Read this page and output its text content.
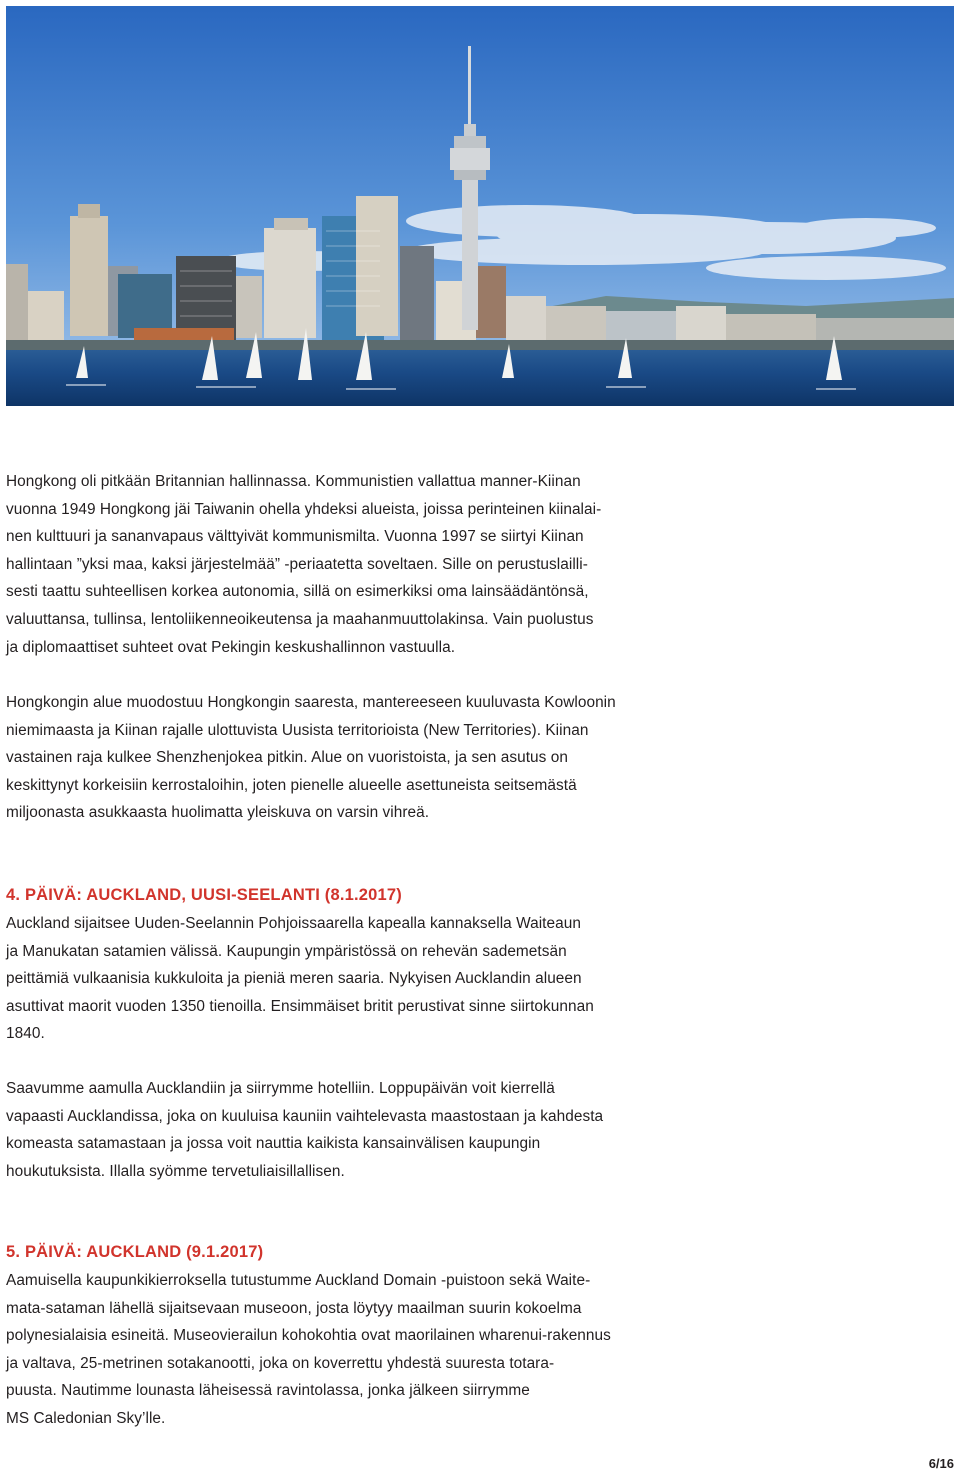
Hongkong oli pitkään Britannian hallinnassa. Kommunistien vallattua manner-Kiinan
vuonna 1949 Hongkong jäi Taiwanin ohella yhdeksi alueista, joissa perinteinen kiinalai-
nen kulttuuri ja sananvapaus välttyivät kommunismilta. Vuonna 1997 se siirtyi Kiinan
hallintaan ”yksi maa, kaksi järjestelmää” -periaatetta soveltaen. Sille on perustuslailli-
sesti taattu suhteellisen korkea autonomia, sillä on esimerkiksi oma lainsäädäntönsä,
valuuttansa, tullinsa, lentoliikenneoikeutensa ja maahanmuuttolakinsa. Vain puolustus
ja diplomaattiset suhteet ovat Pekingin keskushallinnon vastuulla.

Hongkongin alue muodostuu Hongkongin saaresta, mantereeseen kuuluvasta Kowloonin
niemimaasta ja Kiinan rajalle ulottuvista Uusista territorioista (New Territories). Kiinan
vastainen raja kulkee Shenzhenjokea pitkin. Alue on vuoristoista, ja sen asutus on
keskittynyt korkeisiin kerrostaloihin, joten pienelle alueelle asettuneista seitsemästä
miljoonasta asukkaasta huolimatta yleiskuva on varsin vihreä.

4. PÄIVÄ: AUCKLAND, UUSI-SEELANTI (8.1.2017)

Auckland sijaitsee Uuden-Seelannin Pohjoissaarella kapealla kannaksella Waiteaun
ja Manukatan satamien välissä. Kaupungin ympäristössä on rehevän sademetsän
peittämiä vulkaanisia kukkuloita ja pieniä meren saaria. Nykyisen Aucklandin alueen
asuttivat maorit vuoden 1350 tienoilla. Ensimmäiset britit perustivat sinne siirtokunnan
1840.

Saavumme aamulla Aucklandiin ja siirrymme hotelliin. Loppupäivän voit kierrellä
vapaasti Aucklandissa, joka on kuuluisa kauniin vaihtelevasta maastostaan ja kahdesta
komeasta satamastaan ja jossa voit nauttia kaikista kansainvälisen kaupungin
houkutuksista. Illalla syömme tervetuliaisillallisen.

5. PÄIVÄ: AUCKLAND (9.1.2017)

Aamuisella kaupunkikierroksella tutustumme Auckland Domain -puistoon sekä Waite-
mata-sataman lähellä sijaitsevaan museoon, josta löytyy maailman suurin kokoelma
polynesialaisia esineitä. Museovierailun kohokohtia ovat maorilainen wharenui-rakennus
ja valtava, 25-metrinen sotakanootti, joka on koverrettu yhdestä suuresta totara-
puusta. Nautimme lounasta läheisessä ravintolassa, jonka jälkeen siirrymme
MS Caledonian Sky’lle.

6/16
